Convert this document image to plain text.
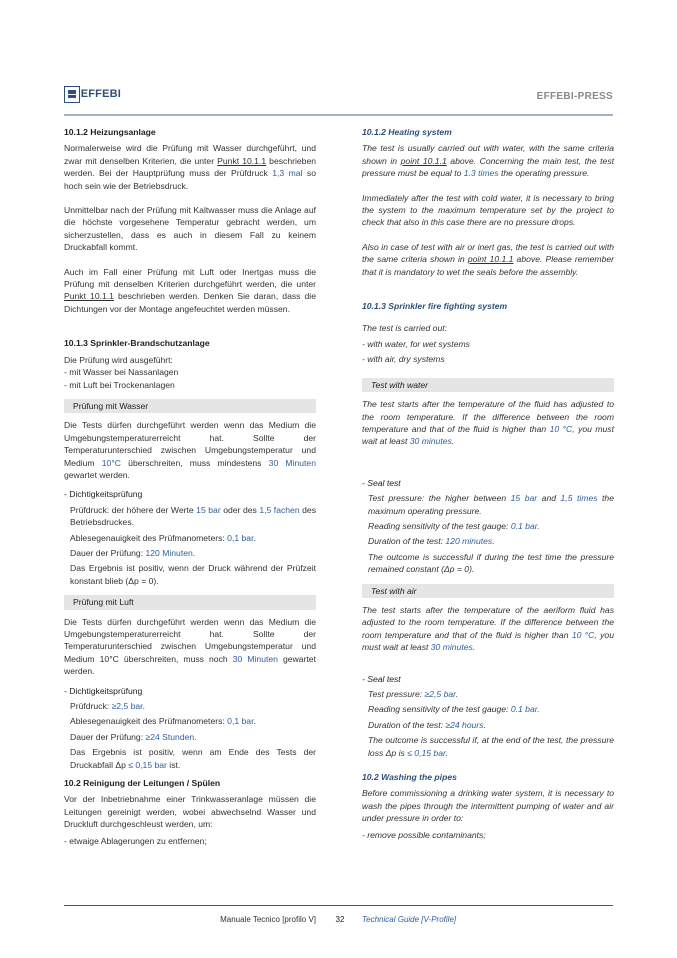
EFFEBI	EFFEBI-PRESS
10.1.2 Heizungsanlage

Normalerweise wird die Prüfung mit Wasser durchgeführt, und zwar mit denselben Kriterien, die unter Punkt 10.1.1 beschrieben werden. Bei der Hauptprüfung muss der Prüfdruck 1,3 mal so hoch sein wie der Betriebsdruck.

Unmittelbar nach der Prüfung mit Kaltwasser muss die Anlage auf die höchste vorgesehene Temperatur gebracht werden, um sicherzustellen, dass es auch in diesem Fall zu keinem Druckabfall kommt.

Auch im Fall einer Prüfung mit Luft oder Inertgas muss die Prüfung mit denselben Kriterien durchgeführt werden, die unter Punkt 10.1.1 beschrieben werden. Denken Sie daran, dass die Dichtungen vor der Montage angefeuchtet werden müssen.

10.1.3 Sprinkler-Brandschutzanlage

Die Prüfung wird ausgeführt:

- mit Wasser bei Nassanlagen

- mit Luft bei Trockenanlagen

Prüfung mit Wasser

Die Tests dürfen durchgeführt werden wenn das Medium die Umgebungstemperaturerreicht hat. Sollte der Temperaturunterschied zwischen Umgebungstemperatur und Medium 10°C überschreiten, muss mindestens 30 Minuten gewartet werden.

- Dichtigkeitsprüfung

Prüfdruck: der höhere der Werte 15 bar oder des 1,5 fachen des Betriebsdruckes.

Ablesegenauigkeit des Prüfmanometers: 0,1 bar.

Dauer der Prüfung: 120 Minuten.

Das Ergebnis ist positiv, wenn der Druck während der Prüfzeit konstant blieb (Δp = 0).

Prüfung mit Luft

Die Tests dürfen durchgeführt werden wenn das Medium die Umgebungstemperaturerreicht hat. Sollte der Temperaturunterschied zwischen Umgebungstemperatur und Medium 10°C überschreiten, muss noch 30 Minuten gewartet werden.

- Dichtigkeitsprüfung

Prüfdruck: ≥2,5 bar.

Ablesegenauigkeit des Prüfmanometers: 0,1 bar.

Dauer der Prüfung: ≥24 Stunden.

Das Ergebnis ist positiv, wenn am Ende des Tests der Druckabfall Δp ≤ 0,15 bar ist.

10.2 Reinigung der Leitungen / Spülen

Vor der Inbetriebnahme einer Trinkwasseranlage müssen die Leitungen gereinigt werden, wobei abwechselnd Wasser und Druckluft durchgeschleust werden, um:

- etwaige Ablagerungen zu entfernen;

10.1.2 Heating system

The test is usually carried out with water, with the same criteria shown in point 10.1.1 above. Concerning the main test, the test pressure must be equal to 1.3 times the operating pressure.

Immediately after the test with cold water, it is necessary to bring the system to the maximum temperature set by the project to check that also in this case there are no pressure drops.

Also in case of test with air or inert gas, the test is carried out with the same criteria shown in point 10.1.1 above. Please remember that it is mandatory to wet the seals before the assembly.

10.1.3 Sprinkler fire fighting system

The test is carried out:

- with water, for wet systems

- with air, dry systems

Test with water

The test starts after the temperature of the fluid has adjusted to the room temperature. If the difference between the room temperature and that of the fluid is higher than 10 °C, you must wait at least 30 minutes.

- Seal test

Test pressure: the higher between 15 bar and 1,5 times the maximum operating pressure.

Reading sensitivity of the test gauge: 0.1 bar.

Duration of the test: 120 minutes.

The outcome is successful if during the test time the pressure remained constant (Δp = 0).

Test with air

The test starts after the temperature of the aeriform fluid has adjusted to the room temperature. If the difference between the room temperature and that of the fluid is higher than 10 °C, you must wait at least 30 minutes.

- Seal test

Test pressure: ≥2,5 bar.

Reading sensitivity of the test gauge: 0.1 bar.

Duration of the test: ≥24 hours.

The outcome is successful if, at the end of the test, the pressure loss Δp is ≤ 0,15 bar.

10.2 Washing the pipes

Before commissioning a drinking water system, it is necessary to wash the pipes through the intermittent pumping of water and air under pressure in order to:

- remove possible contaminants;

Manuale Tecnico [profilo V] 32 Technical Guide [V-Profile]
